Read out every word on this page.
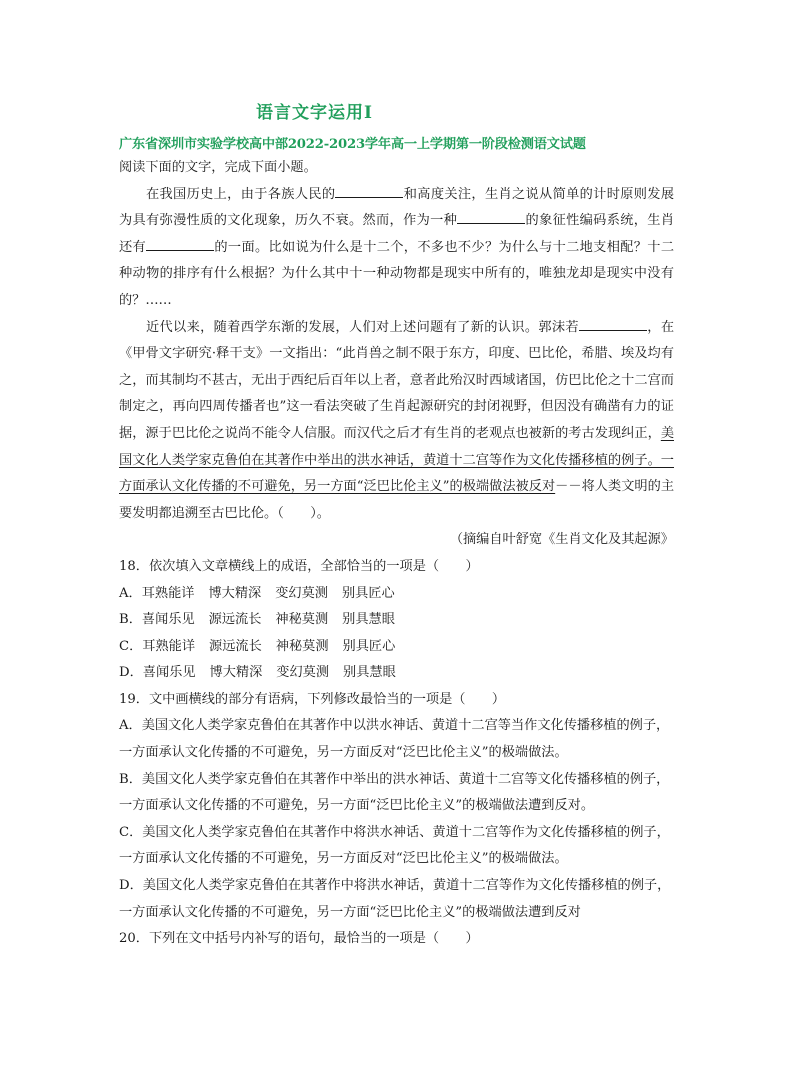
语言文字运用Ⅰ
广东省深圳市实验学校高中部2022-2023学年高一上学期第一阶段检测语文试题

阅读下面的文字，完成下面小题。

在我国历史上，由于各族人民的	和高度关注，生肖之说从简单的计时原则发展为具有弥漫性质的文化现象，历久不衰。然而，作为一种	的象征性编码系统，生肖还有	的一面。比如说为什么是十二个，不多也不少？为什么与十二地支相配？十二种动物的排序有什么根据？为什么其中十一种动物都是现实中所有的，唯独龙却是现实中没有的？……

近代以来，随着西学东渐的发展，人们对上述问题有了新的认识。郭沫若	，在《甲骨文字研究·释干支》一文指出：“此肖兽之制不限于东方，印度、巴比伦，希腊、埃及均有之，而其制均不甚古，无出于西纪后百年以上者，意者此殆汉时西域诸国，仿巴比伦之十二宫而制定之，再向四周传播者也”这一看法突破了生肖起源研究的封闭视野，但因没有确凿有力的证据，源于巴比伦之说尚不能令人信服。而汉代之后才有生肖的老观点也被新的考古发现纠正，美国文化人类学家克鲁伯在其著作中举出的洪水神话，黄道十二宫等作为文化传播移植的例子。一方面承认文化传播的不可避免，另一方面“泛巴比伦主义”的极端做法被反对－－将人类文明的主要发明都追溯至古巴比伦。（　　）。

（摘编自叶舒宽《生肖文化及其起源》

18．依次填入文章横线上的成语，全部恰当的一项是（　　）

A．耳熟能详 博大精深 变幻莫测 别具匠心

B．喜闻乐见 源远流长 神秘莫测 别具慧眼

C．耳熟能详 源远流长 神秘莫测 别具匠心

D．喜闻乐见 博大精深 变幻莫测 别具慧眼

19．文中画横线的部分有语病，下列修改最恰当的一项是（　　）

A．美国文化人类学家克鲁伯在其著作中以洪水神话、黄道十二宫等当作文化传播移植的例子，一方面承认文化传播的不可避免，另一方面反对“泛巴比伦主义”的极端做法。

B．美国文化人类学家克鲁伯在其著作中举出的洪水神话、黄道十二宫等文化传播移植的例子，一方面承认文化传播的不可避免，另一方面“泛巴比伦主义”的极端做法遭到反对。

C．美国文化人类学家克鲁伯在其著作中将洪水神话、黄道十二宫等作为文化传播移植的例子，一方面承认文化传播的不可避免，另一方面反对“泛巴比伦主义”的极端做法。

D．美国文化人类学家克鲁伯在其著作中将洪水神话，黄道十二宫等作为文化传播移植的例子，一方面承认文化传播的不可避免，另一方面“泛巴比伦主义”的极端做法遭到反对

20．下列在文中括号内补写的语句，最恰当的一项是（　　）
